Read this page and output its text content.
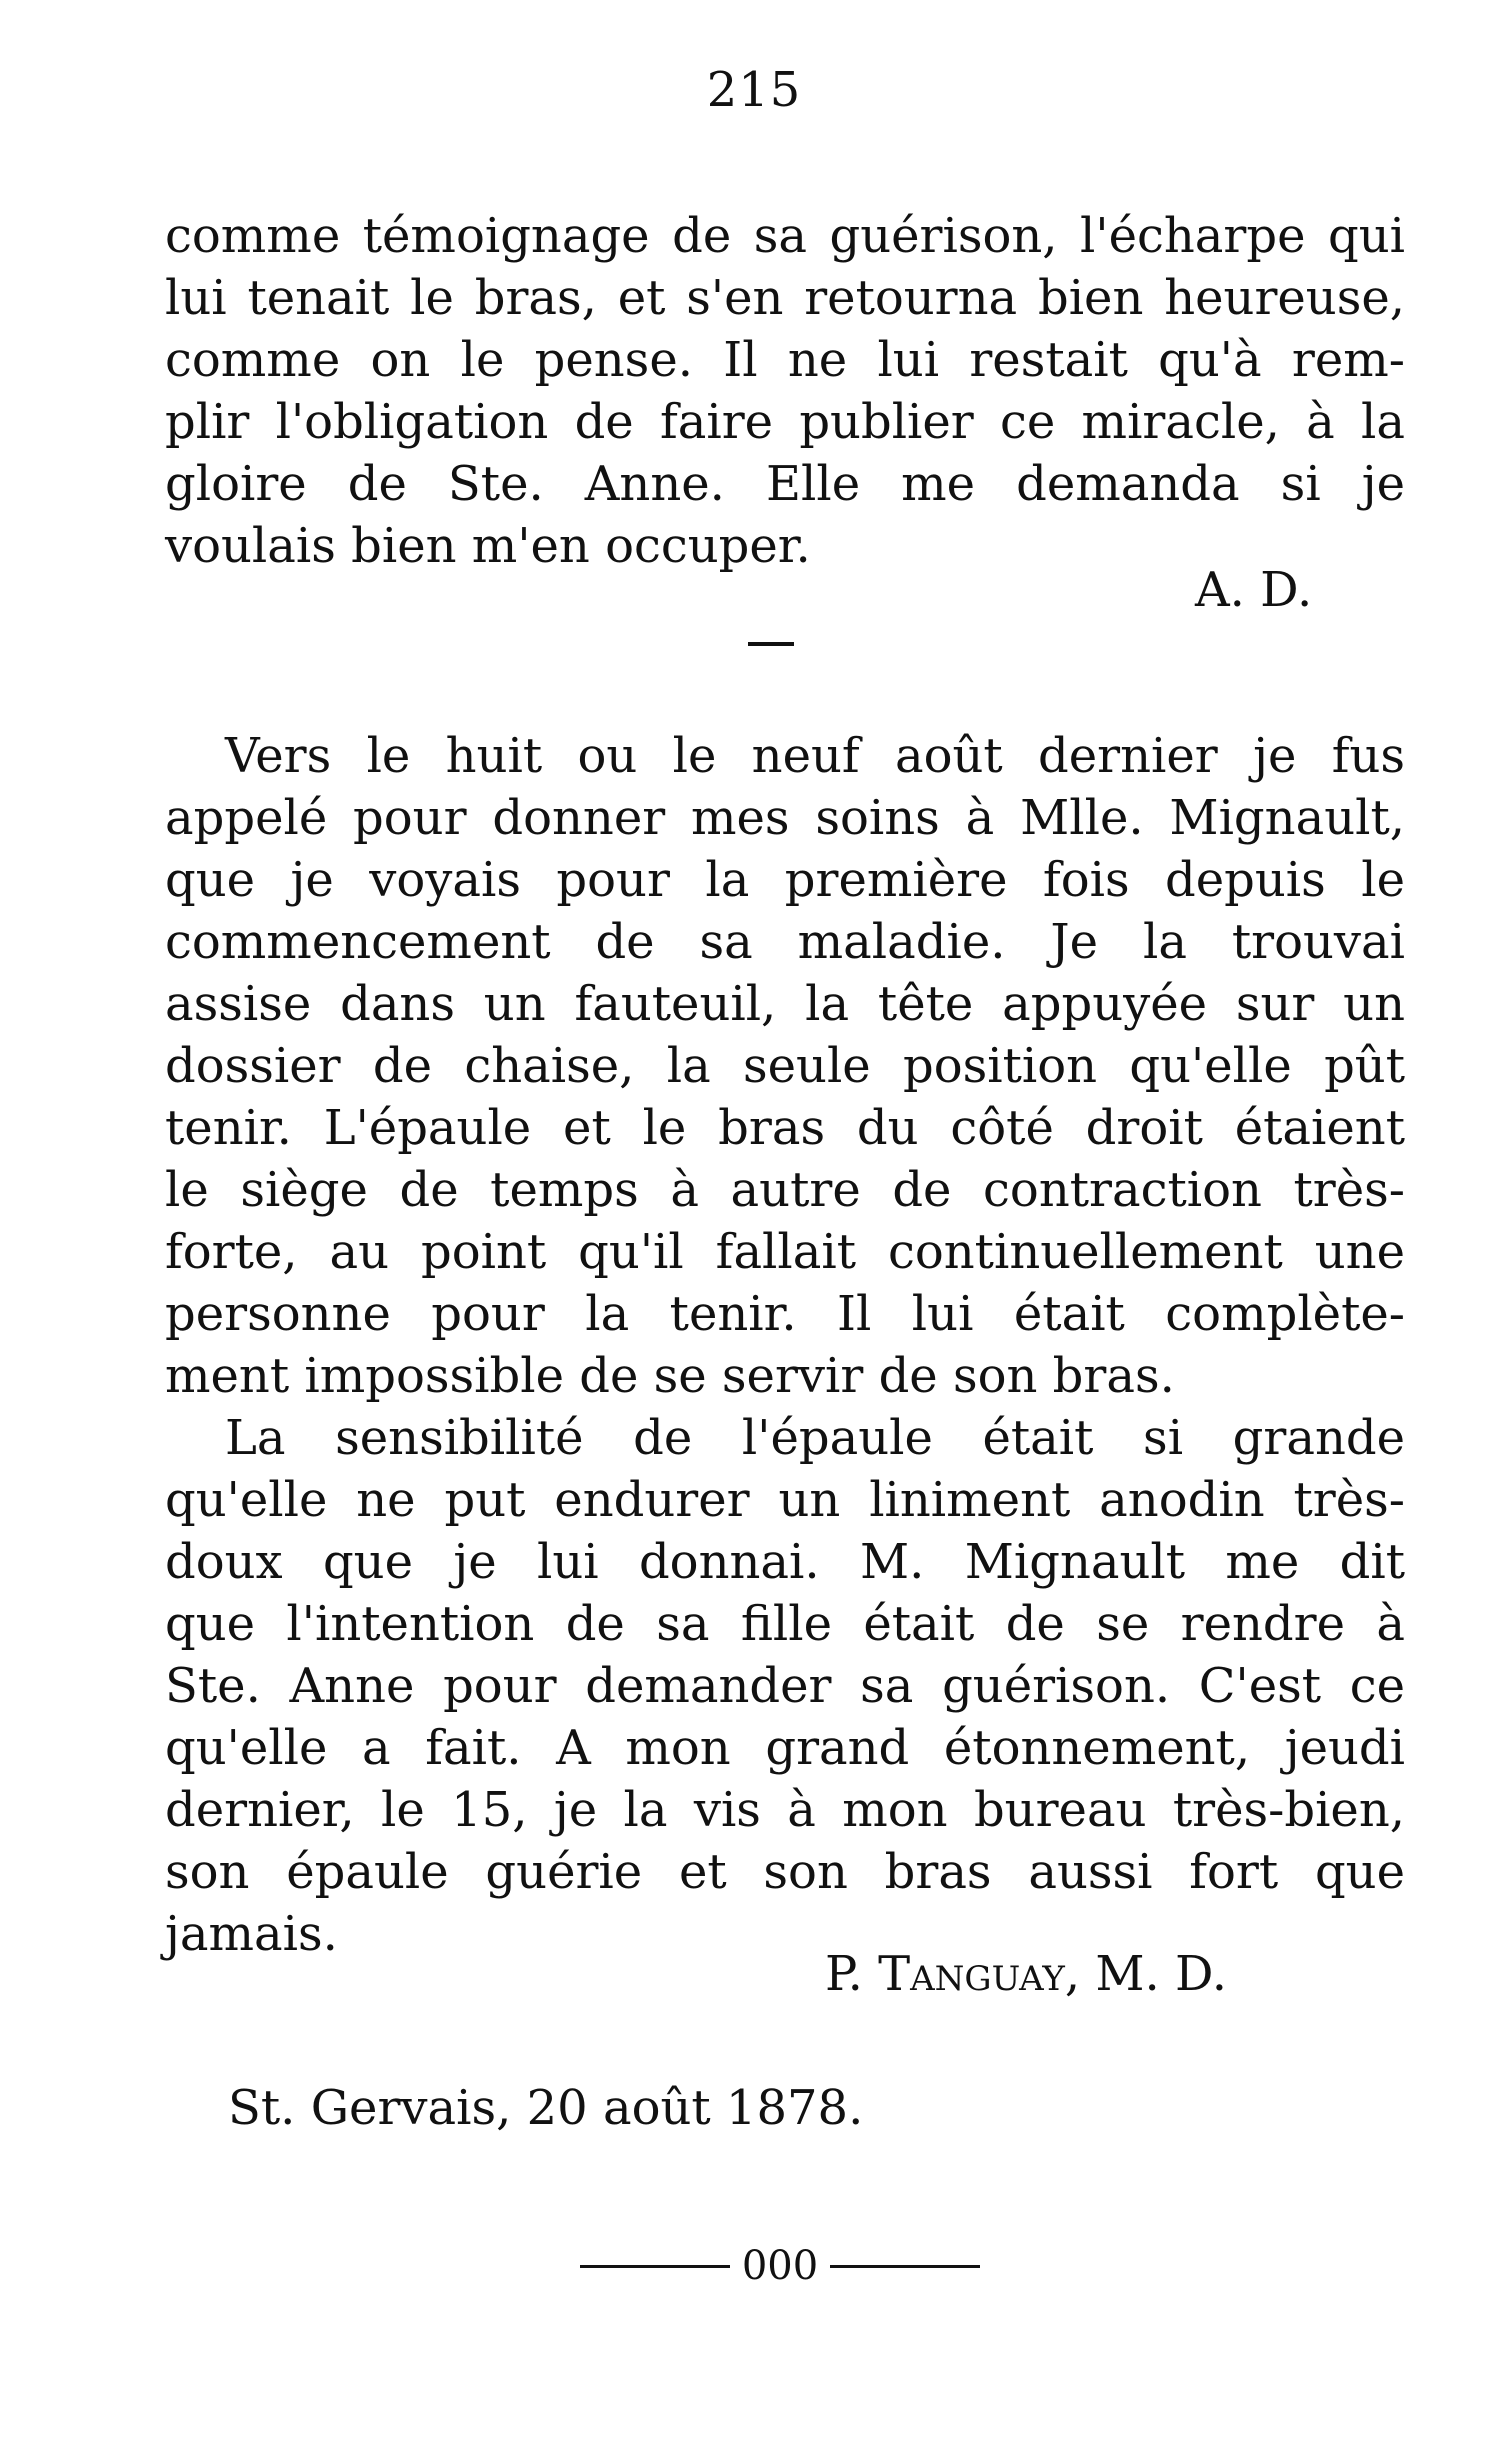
215
comme témoignage de sa guérison, l'écharpe qui
lui tenait le bras, et s'en retourna bien heureuse,
comme on le pense. Il ne lui restait qu'à rem-
plir l'obligation de faire publier ce miracle, à la
gloire de Ste. Anne. Elle me demanda si je
voulais bien m'en occuper.
A. D.
Vers le huit ou le neuf août dernier je fus
appelé pour donner mes soins à Mlle. Mignault,
que je voyais pour la première fois depuis le
commencement de sa maladie. Je la trouvai
assise dans un fauteuil, la tête appuyée sur un
dossier de chaise, la seule position qu'elle pût
tenir. L'épaule et le bras du côté droit étaient
le siège de temps à autre de contraction très-
forte, au point qu'il fallait continuellement une
personne pour la tenir. Il lui était complète-
ment impossible de se servir de son bras.
La sensibilité de l'épaule était si grande
qu'elle ne put endurer un liniment anodin très-
doux que je lui donnai. M. Mignault me dit
que l'intention de sa fille était de se rendre à
Ste. Anne pour demander sa guérison. C'est ce
qu'elle a fait. A mon grand étonnement, jeudi
dernier, le 15, je la vis à mon bureau très-bien,
son épaule guérie et son bras aussi fort que
jamais.
P. Tanguay, M. D.
St. Gervais, 20 août 1878.
000
